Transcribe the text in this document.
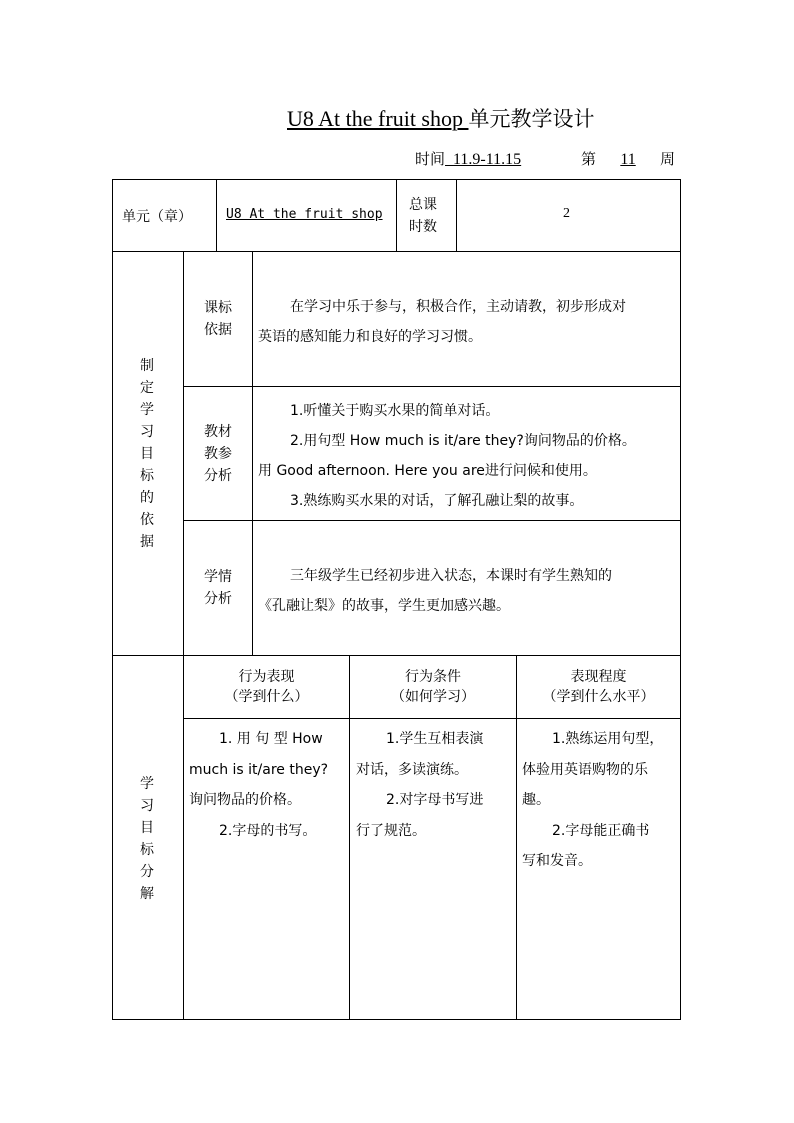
U8 At the fruit shop 单元教学设计
时间 11.9-11.15	第 11 周
单元（章）	U8 At the fruit shop
总课
时数
2
制
定
学
习
目
标
的
依
据
课标
依据

在学习中乐于参与，积极合作，主动请教，初步形成对

英语的感知能力和良好的学习习惯。

教材
教参
分析

1.听懂关于购买水果的简单对话。

2.用句型 How much is it/are they?询问物品的价格。

用 Good afternoon. Here you are进行问候和使用。

3.熟练购买水果的对话，了解孔融让梨的故事。

学情
分析

三年级学生已经初步进入状态，本课时有学生熟知的

《孔融让梨》的故事，学生更加感兴趣。

学
习
目
标
分
解
行为表现
（学到什么）
行为条件
（如何学习）
表现程度
（学到什么水平）

1. 用 句 型 How

much is it/are they?

询问物品的价格。

2.字母的书写。

1.学生互相表演

对话，多读演练。

2.对字母书写进

行了规范。

1.熟练运用句型，

体验用英语购物的乐

趣。

2.字母能正确书

写和发音。
